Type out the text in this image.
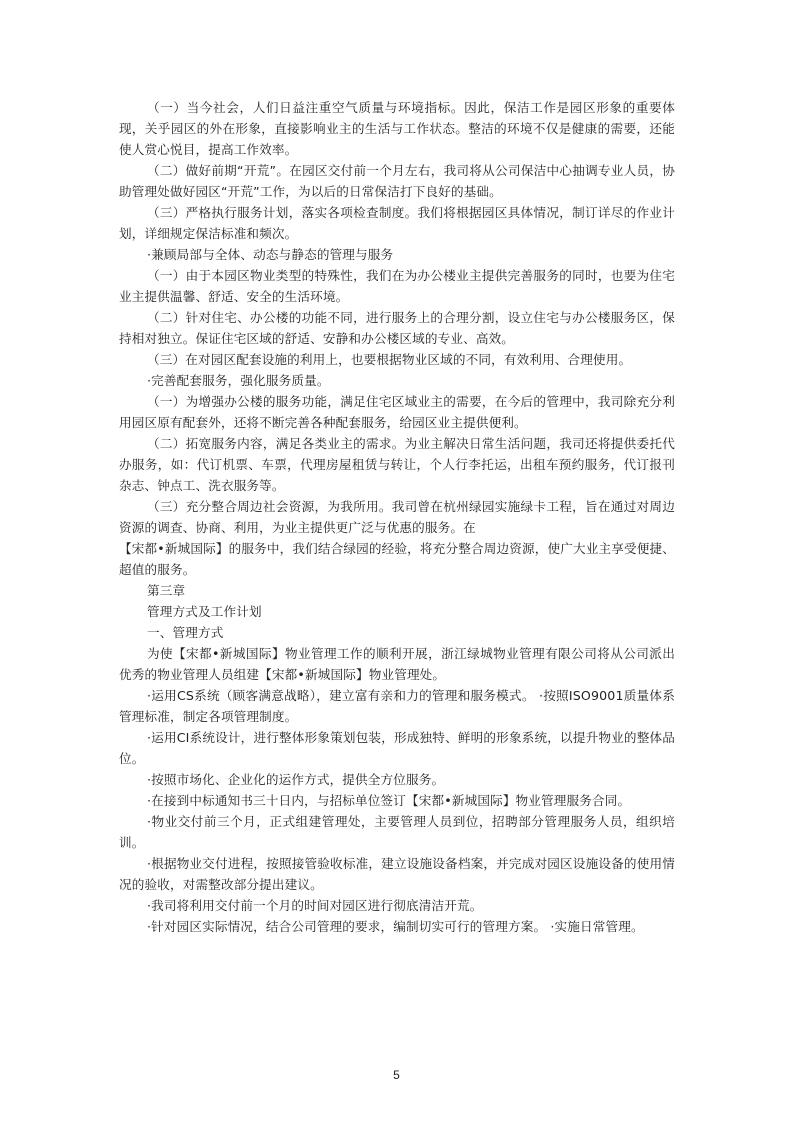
（一）当今社会，人们日益注重空气质量与环境指标。因此，保洁工作是园区形象的重要体现，关乎园区的外在形象，直接影响业主的生活与工作状态。整洁的环境不仅是健康的需要，还能使人赏心悦目，提高工作效率。

（二）做好前期“开荒”。在园区交付前一个月左右，我司将从公司保洁中心抽调专业人员，协助管理处做好园区“开荒”工作，为以后的日常保洁打下良好的基础。

（三）严格执行服务计划，落实各项检查制度。我们将根据园区具体情况，制订详尽的作业计划，详细规定保洁标准和频次。

·兼顾局部与全体、动态与静态的管理与服务

（一）由于本园区物业类型的特殊性，我们在为办公楼业主提供完善服务的同时，也要为住宅业主提供温馨、舒适、安全的生活环境。

（二）针对住宅、办公楼的功能不同，进行服务上的合理分割，设立住宅与办公楼服务区，保持相对独立。保证住宅区域的舒适、安静和办公楼区域的专业、高效。

（三）在对园区配套设施的利用上，也要根据物业区域的不同，有效利用、合理使用。

·完善配套服务，强化服务质量。

（一）为增强办公楼的服务功能，满足住宅区域业主的需要，在今后的管理中，我司除充分利用园区原有配套外，还将不断完善各种配套服务，给园区业主提供便利。

（二）拓宽服务内容，满足各类业主的需求。为业主解决日常生活问题，我司还将提供委托代办服务，如：代订机票、车票，代理房屋租赁与转让，个人行李托运，出租车预约服务，代订报刊杂志、钟点工、洗衣服务等。

（三）充分整合周边社会资源，为我所用。我司曾在杭州绿园实施绿卡工程，旨在通过对周边资源的调查、协商、利用，为业主提供更广泛与优惠的服务。在

【宋都•新城国际】的服务中，我们结合绿园的经验，将充分整合周边资源，使广大业主享受便捷、超值的服务。

第三章

管理方式及工作计划

一、管理方式

为使【宋都•新城国际】物业管理工作的顺利开展，浙江绿城物业管理有限公司将从公司派出优秀的物业管理人员组建【宋都•新城国际】物业管理处。

·运用CS系统（顾客满意战略），建立富有亲和力的管理和服务模式。 ·按照ISO9001质量体系管理标准，制定各项管理制度。

·运用CI系统设计，进行整体形象策划包装，形成独特、鲜明的形象系统，以提升物业的整体品位。

·按照市场化、企业化的运作方式，提供全方位服务。

·在接到中标通知书三十日内，与招标单位签订【宋都•新城国际】物业管理服务合同。

·物业交付前三个月，正式组建管理处，主要管理人员到位，招聘部分管理服务人员，组织培训。

·根据物业交付进程，按照接管验收标准，建立设施设备档案，并完成对园区设施设备的使用情况的验收，对需整改部分提出建议。

·我司将利用交付前一个月的时间对园区进行彻底清洁开荒。

·针对园区实际情况，结合公司管理的要求，编制切实可行的管理方案。 ·实施日常管理。

5
